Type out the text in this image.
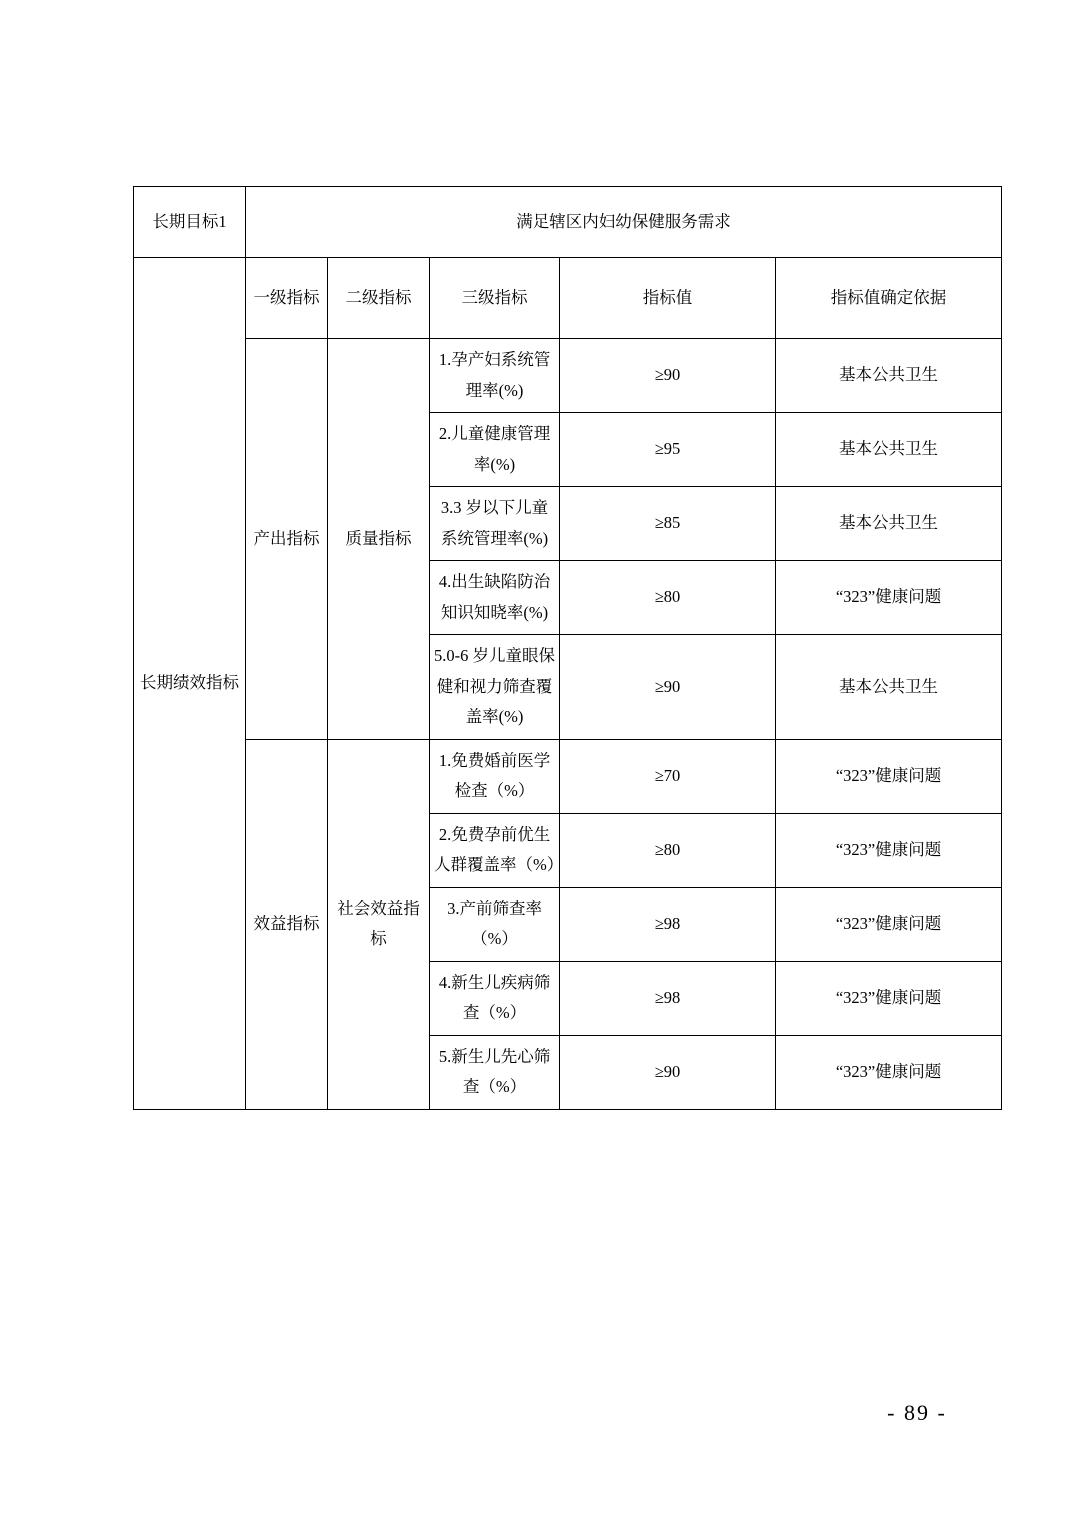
长期目标1	满足辖区内妇幼保健服务需求				
长期绩效指标	一级指标	二级指标	三级指标	指标值	指标值确定依据
	产出指标	质量指标	1.孕产妇系统管理率(%)	≥90	基本公共卫生
			2.儿童健康管理率(%)	≥95	基本公共卫生
			3.3 岁以下儿童系统管理率(%)	≥85	基本公共卫生
			4.出生缺陷防治知识知晓率(%)	≥80	“323”健康问题
			5.0-6 岁儿童眼保健和视力筛查覆盖率(%)	≥90	基本公共卫生
	效益指标	社会效益指标	1.免费婚前医学检查（%）	≥70	“323”健康问题
			2.免费孕前优生人群覆盖率（%）	≥80	“323”健康问题
			3.产前筛查率（%）	≥98	“323”健康问题
			4.新生儿疾病筛查（%）	≥98	“323”健康问题
			5.新生儿先心筛查（%）	≥90	“323”健康问题
- 89 -
